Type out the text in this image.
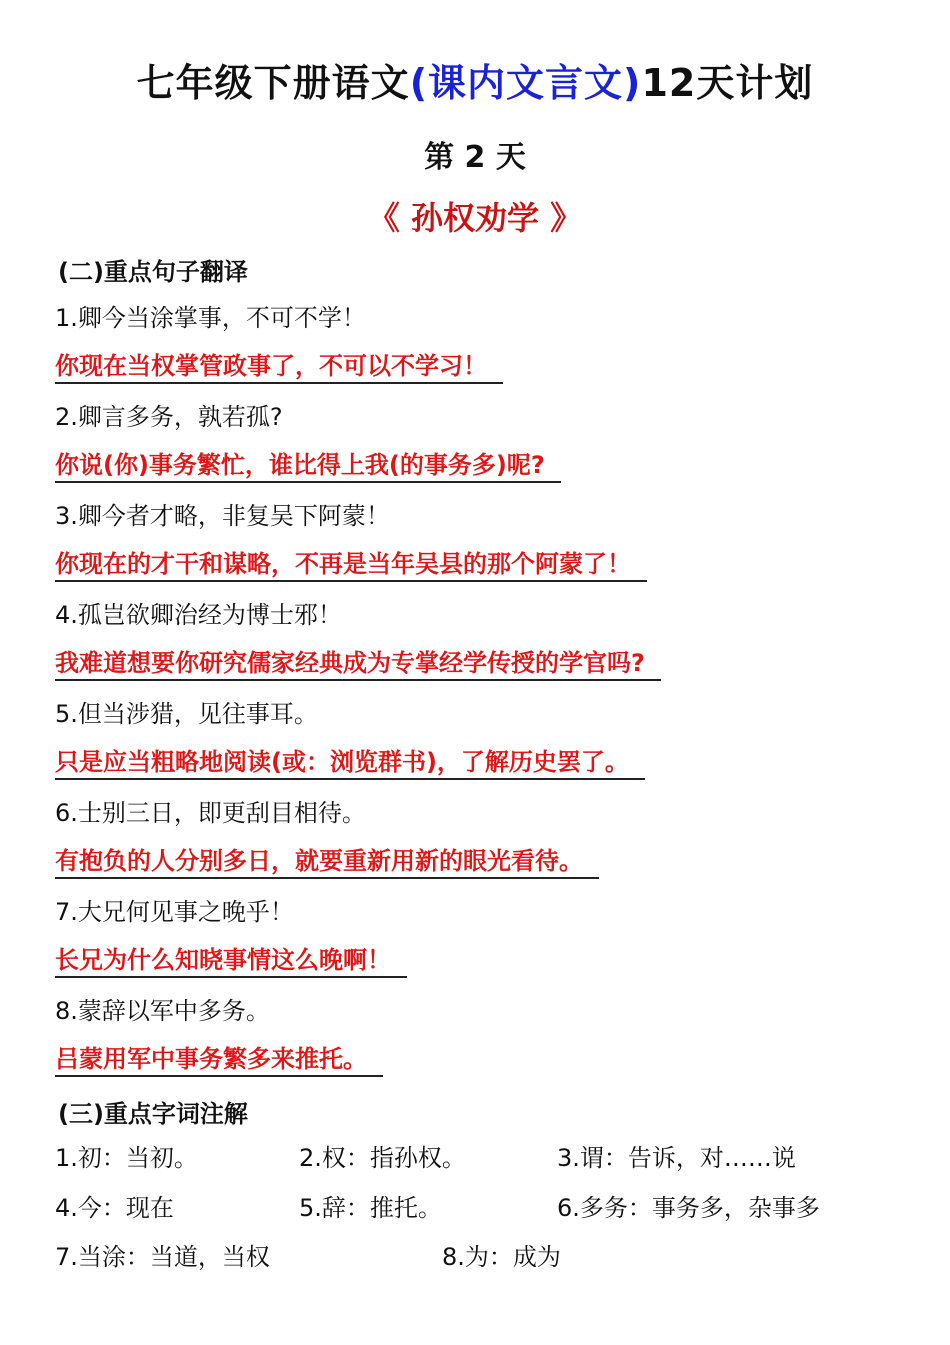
七年级下册语文(课内文言文)12天计划
第 2 天
《 孙权劝学 》
(二)重点句子翻译
1.卿今当涂掌事，不可不学！
你现在当权掌管政事了，不可以不学习！
2.卿言多务，孰若孤?
你说(你)事务繁忙，谁比得上我(的事务多)呢?
3.卿今者才略，非复吴下阿蒙！
你现在的才干和谋略，不再是当年吴县的那个阿蒙了！
4.孤岂欲卿治经为博士邪！
我难道想要你研究儒家经典成为专掌经学传授的学官吗?
5.但当涉猎，见往事耳。
只是应当粗略地阅读(或：浏览群书)，了解历史罢了。
6.士别三日，即更刮目相待。
有抱负的人分别多日，就要重新用新的眼光看待。
7.大兄何见事之晚乎！
长兄为什么知晓事情这么晚啊！
8.蒙辞以军中多务。
吕蒙用军中事务繁多来推托。
(三)重点字词注解
1.初：当初。	2.权：指孙权。	3.谓：告诉，对……说
4.今：现在	5.辞：推托。	6.多务：事务多，杂事多
7.当涂：当道，当权	8.为：成为
